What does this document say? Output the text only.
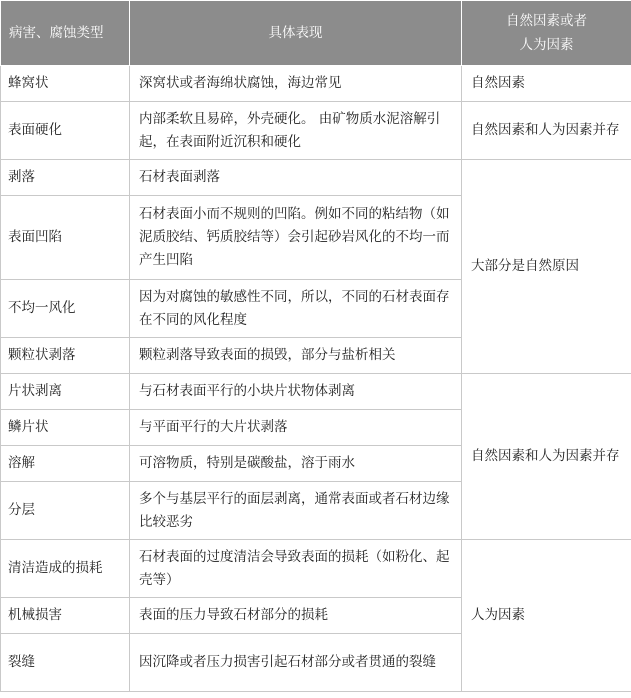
病害、腐蚀类型	具体表现	自然因素或者
人为因素
蜂窝状	深窝状或者海绵状腐蚀，海边常见	自然因素
表面硬化	内部柔软且易碎，外壳硬化。 由矿物质水泥溶解引起，在表面附近沉积和硬化	自然因素和人为因素并存
剥落	石材表面剥落	大部分是自然原因
表面凹陷	石材表面小而不规则的凹陷。例如不同的粘结物（如泥质胶结、钙质胶结等）会引起砂岩风化的不均一而产生凹陷	
不均一风化	因为对腐蚀的敏感性不同，所以，不同的石材表面存在不同的风化程度	
颗粒状剥落	颗粒剥落导致表面的损毁，部分与盐析相关	
片状剥离	与石材表面平行的小块片状物体剥离	自然因素和人为因素并存
鳞片状	与平面平行的大片状剥落	
溶解	可溶物质，特别是碳酸盐，溶于雨水	
分层	多个与基层平行的面层剥离，通常表面或者石材边缘比较恶劣	
清洁造成的损耗	石材表面的过度清洁会导致表面的损耗（如粉化、起壳等）	人为因素
机械损害	表面的压力导致石材部分的损耗	
裂缝	因沉降或者压力损害引起石材部分或者贯通的裂缝	
